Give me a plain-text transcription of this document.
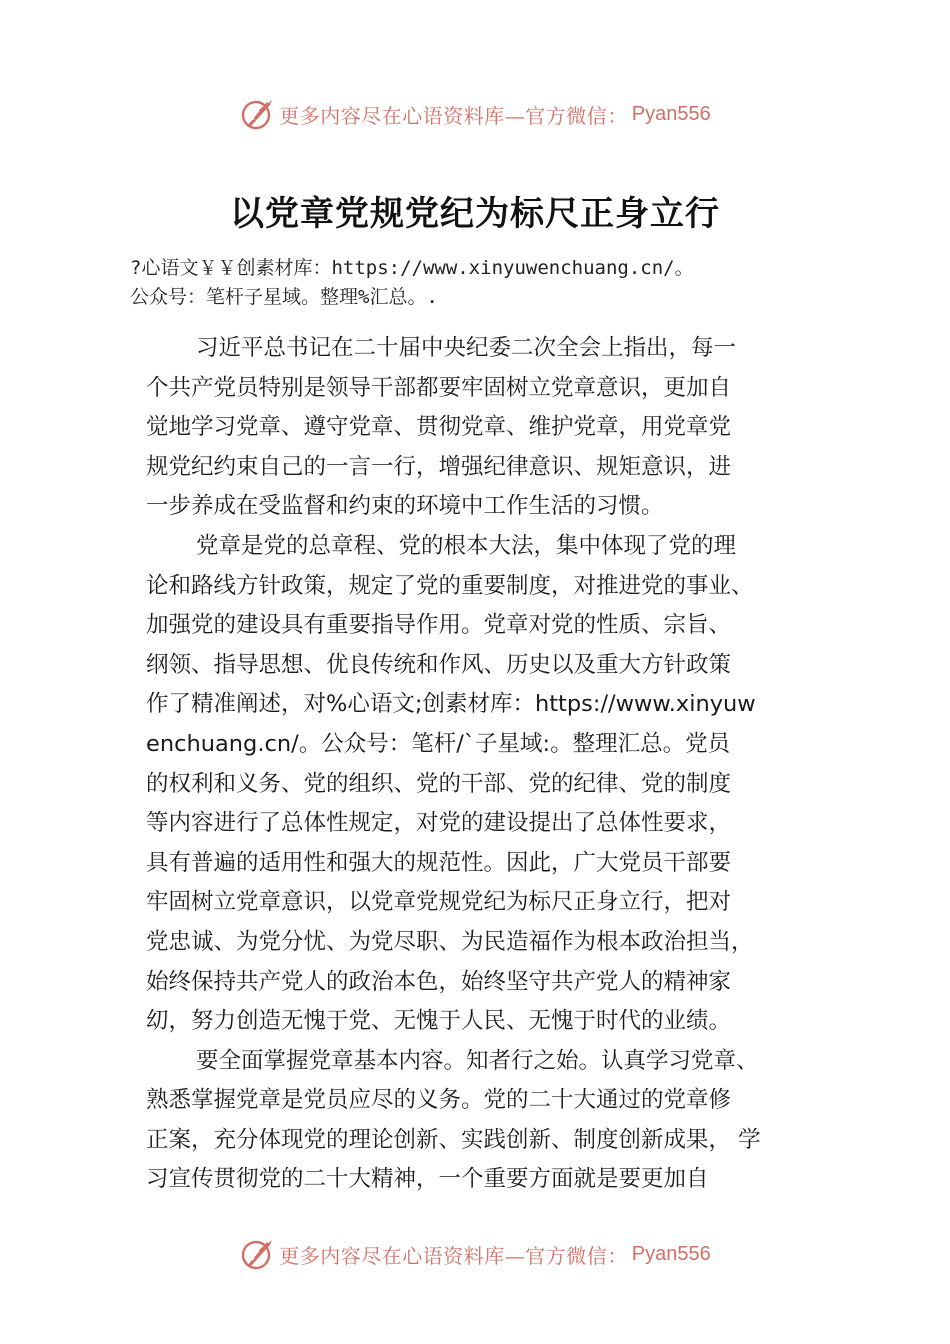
更多内容尽在心语资料库—官方微信： Pyan556
以党章党规党纪为标尺正身立行
?心语文￥￥创素材库：https://www.xinyuwenchuang.cn/。
公众号：笔杆子星域。整理%汇总。.
习近平总书记在二十届中央纪委二次全会上指出，每一
个共产党员特别是领导干部都要牢固树立党章意识，更加自
觉地学习党章、遵守党章、贯彻党章、维护党章，用党章党
规党纪约束自己的一言一行，增强纪律意识、规矩意识，进
一步养成在受监督和约束的环境中工作生活的习惯。
党章是党的总章程、党的根本大法，集中体现了党的理
论和路线方针政策，规定了党的重要制度，对推进党的事业、
加强党的建设具有重要指导作用。党章对党的性质、宗旨、
纲领、指导思想、优良传统和作风、历史以及重大方针政策
作了精准阐述，对%心语文;创素材库：https://www.xinyuw
enchuang.cn/。公众号：笔杆/`子星域:。整理汇总。党员
的权利和义务、党的组织、党的干部、党的纪律、党的制度
等内容进行了总体性规定，对党的建设提出了总体性要求，
具有普遍的适用性和强大的规范性。因此，广大党员干部要
牢固树立党章意识，以党章党规党纪为标尺正身立行，把对
党忠诚、为党分忧、为党尽职、为民造福作为根本政治担当，
始终保持共产党人的政治本色，始终坚守共产党人的精神家
㓜，努力创造无愧于党、无愧于人民、无愧于时代的业绩。
要全面掌握党章基本内容。知者行之始。认真学习党章、
熟悉掌握党章是党员应尽的义务。党的二十大通过的党章修
正案，充分体现党的理论创新、实践创新、制度创新成果， 学
习宣传贯彻党的二十大精神，一个重要方面就是要更加自
更多内容尽在心语资料库—官方微信： Pyan556
